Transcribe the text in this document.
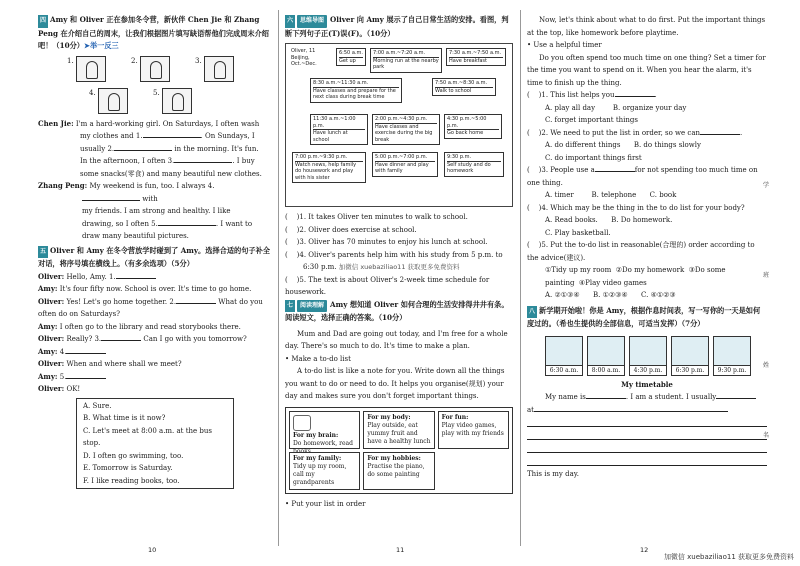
四 Amy 和 Oliver 正在参加冬令营，新伙伴 Chen Jie 和 Zhang Peng 在介绍自己的周末，让我们根据图片填写缺语帮他们完成周末介绍吧！（10分）➤举一反三
1.	2.	3.
4.	5.
Chen Jie: I'm a hard-working girl. On Saturdays, I often wash
my clothes and 1.	. On Sundays, I
usually 2.	in the morning. It's fun.
In the afternoon, I often 3.	. I buy
some snacks(零食) and many beautiful new clothes.
Zhang Peng: My weekend is fun, too. I always 4. with
my friends. I am strong and healthy. I like
drawing, so I often 5.	. I want to
draw many beautiful pictures.
五 Oliver 和 Amy 在冬令营放学时碰到了 Amy。选择合适的句子补全对话，将序号填在横线上。（有多余选项）（5分）
Oliver: Hello, Amy. 1.
Amy: It's four fifty now. School is over. It's time to go home.
Oliver: Yes! Let's go home together. 2.	What do you often do on Saturdays?
Amy: I often go to the library and read storybooks there.
Oliver: Really? 3.	Can I go with you tomorrow?
Amy: 4.
Oliver: When and where shall we meet?
Amy: 5.
Oliver: OK!
A. Sure.
B. What time is it now?
C. Let's meet at 8:00 a.m. at the bus stop.
D. I often go swimming, too.
E. Tomorrow is Saturday.
F. I like reading books, too.
六 思维导图 Oliver 向 Amy 展示了自己日常生活的安排。看图，判断下列句子正(T)误(F)。（10分）
Oliver, 11
Beijing,
Oct.~Dec.
6:50 a.m.
Get up
7:00 a.m.~7:20 a.m.
Morning run at the nearby park
7:30 a.m.~7:50 a.m.
Have breakfast
8:30 a.m.~11:30 a.m.
Have classes and prepare for the next class during break time
7:50 a.m.~8:30 a.m.
Walk to school
11:30 a.m.~1:00 p.m.
Have lunch at school
2:00 p.m.~4:30 p.m.
Have classes and exercise during the big break
4:30 p.m.~5:00 p.m.
Go back home
7:00 p.m.~9:30 p.m.
Watch news, help family do housework and play with his sister
5:00 p.m.~7:00 p.m.
Have dinner and play with family
9:30 p.m.
Self study and do homework
(    )1. It takes Oliver ten minutes to walk to school.
(    )2. Oliver does exercise at school.
(    )3. Oliver has 70 minutes to enjoy his lunch at school.
(    )4. Oliver's parents help him with his study from 5 p.m. to
6:30 p.m. 加微信 xuebaziliao11 获取更多免费资料
(    )5. The text is about Oliver's 2-week time schedule for housework.
七 阅读理解 Amy 想知道 Oliver 如何合理的生活安排得井井有条。阅读短文，选择正确的答案。（10分）
Mum and Dad are going out today, and I'm free for a whole day. There's so much to do. It's time to make a plan.
• Make a to-do list
A to-do list is like a note for you. Write down all the things you want to do or need to do. It helps you organise(规划) your day and makes sure you don't forget important things.
For my brain:
Do homework, read books
For my body:
Play outside, eat yummy fruit and have a healthy lunch
For fun:
Play video games, play with my friends
For my family:
Tidy up my room, call my grandparents
For my hobbies:
Practise the piano, do some painting
• Put your list in order
Now, let's think about what to do first. Put the important things at the top, like homework before playtime.
• Use a helpful timer
Do you often spend too much time on one thing? Set a timer for the time you want to spend on it. When you hear the alarm, it's time to finish up the thing.
(    )1. This list helps you	.
A. play all day	B. organize your day
C. forget important things
(    )2. We need to put the list in order, so we can	.
A. do different things B. do things slowly
C. do important things first
(    )3. People use a	for not spending too much time on one thing.
A. timer	B. telephone C. book
(    )4. Which may be the thing in the to do list for your body?
A. Read books. B. Do homework.
C. Play basketball.
(    )5. Put the to-do list in reasonable(合理的) order according to the advice(建议).
①Tidy up my room ②Do my homework ③Do some painting ④Play video games
A. ②①③④ B. ①②③④ C. ④①②③
八 新学期开始啦！你是 Amy，根据作息时间表，写一写你的一天是如何度过的。（希也生提供的全部信息，可适当发挥）（7分）
6:30 a.m.	8:00 a.m.	4:30 p.m.	6:30 p.m.	9:30 p.m.
My timetable
My name is	. I am a student. I usually
at
This is my day.
10	11	12
加微信 xuebaziliao11 获取更多免费资料
学
班
姓
名
